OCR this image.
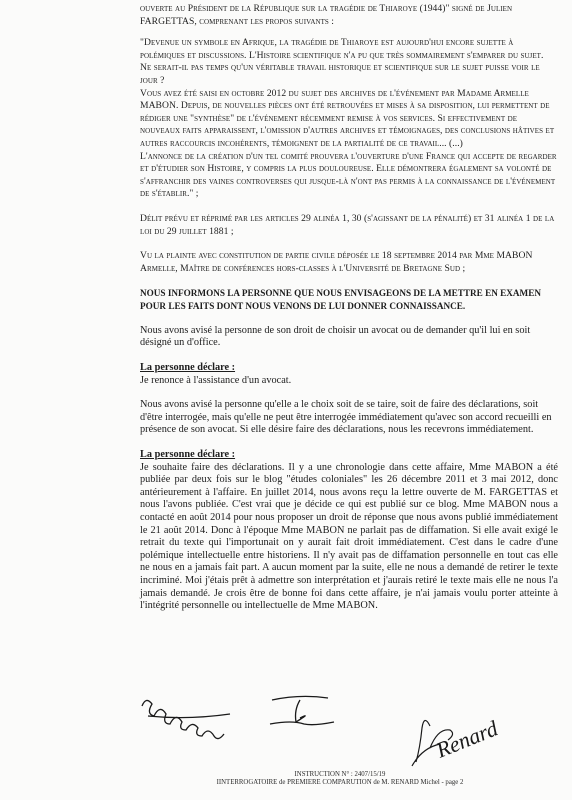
ouverte au Président de la République sur la tragédie de Thiaroye (1944)" signé de Julien FARGETTAS, comprenant les propos suivants :

"Devenue un symbole en Afrique, la tragédie de Thiaroye est aujourd'hui encore sujette à polémiques et discussions. L'Histoire scientifique n'a pu que très sommairement s'emparer du sujet.

Ne serait-il pas temps qu'un véritable travail historique et scientifique sur le sujet puisse voir le jour ?

Vous avez été saisi en octobre 2012 du sujet des archives de l'événement par Madame Armelle MABON. Depuis, de nouvelles pièces ont été retrouvées et mises à sa disposition, lui permettent de rédiger une "synthèse" de l'événement récemment remise à vos services. Si effectivement de nouveaux faits apparaissent, l'omission d'autres archives et témoignages, des conclusions hâtives et autres raccourcis incohérents, témoignent de la partialité de ce travail... (...)

L'annonce de la création d'un tel comité prouvera l'ouverture d'une France qui accepte de regarder et d'étudier son Histoire, y compris la plus douloureuse. Elle démontrera également sa volonté de s'affranchir des vaines controverses qui jusque-là n'ont pas permis à la connaissance de l'événement de s'établir." ;

Délit prévu et réprimé par les articles 29 alinéa 1, 30 (s'agissant de la pénalité) et 31 alinéa 1 de la loi du 29 juillet 1881 ;

Vu la plainte avec constitution de partie civile déposée le 18 septembre 2014 par Mme MABON Armelle, Maître de conférences hors-classes à l'Université de Bretagne Sud ;

NOUS INFORMONS LA PERSONNE QUE NOUS ENVISAGEONS DE LA METTRE EN EXAMEN POUR LES FAITS DONT NOUS VENONS DE LUI DONNER CONNAISSANCE.

Nous avons avisé la personne de son droit de choisir un avocat ou de demander qu'il lui en soit désigné un d'office.

La personne déclare :

Je renonce à l'assistance d'un avocat.

Nous avons avisé la personne qu'elle a le choix soit de se taire, soit de faire des déclarations, soit d'être interrogée, mais qu'elle ne peut être interrogée immédiatement qu'avec son accord recueilli en présence de son avocat. Si elle désire faire des déclarations, nous les recevrons immédiatement.

La personne déclare :

Je souhaite faire des déclarations. Il y a une chronologie dans cette affaire, Mme MABON a été publiée par deux fois sur le blog "études coloniales" les 26 décembre 2011 et 3 mai 2012, donc antérieurement à l'affaire. En juillet 2014, nous avons reçu la lettre ouverte de M. FARGETTAS et nous l'avons publiée. C'est vrai que je décide ce qui est publié sur ce blog. Mme MABON nous a contacté en août 2014 pour nous proposer un droit de réponse que nous avons publié immédiatement le 21 août 2014. Donc à l'époque Mme MABON ne parlait pas de diffamation. Si elle avait exigé le retrait du texte qui l'importunait on y aurait fait droit immédiatement. C'est dans le cadre d'une polémique intellectuelle entre historiens. Il n'y avait pas de diffamation personnelle en tout cas elle ne nous en a jamais fait part. A aucun moment par la suite, elle ne nous a demandé de retirer le texte incriminé. Moi j'étais prêt à admettre son interprétation et j'aurais retiré le texte mais elle ne nous l'a jamais demandé. Je crois être de bonne foi dans cette affaire, je n'ai jamais voulu porter atteinte à l'intégrité personnelle ou intellectuelle de Mme MABON.

Renard
INSTRUCTION N° : 2407/15/19
IINTERROGATOIRE de PREMIERE COMPARUTION de M. RENARD Michel - page 2
